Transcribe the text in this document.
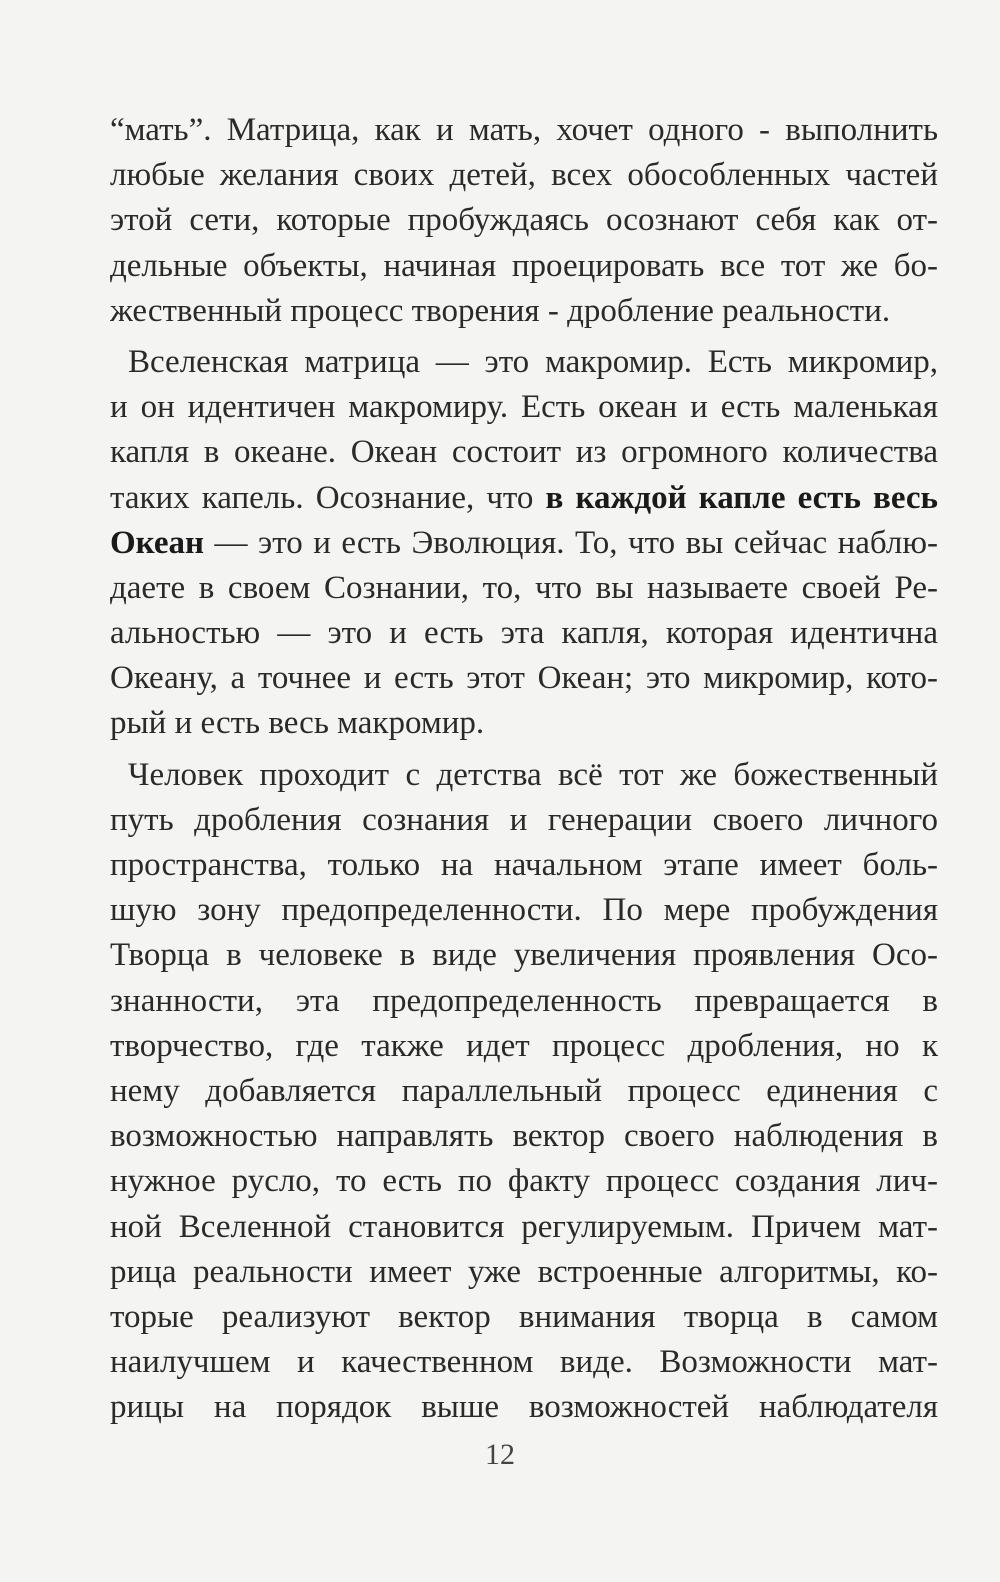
“мать”. Матрица, как и мать, хочет одного - выполнить
любые желания своих детей, всех обособленных частей
этой сети, которые пробуждаясь осознают себя как от-
дельные объекты, начиная проецировать все тот же бо-
жественный процесс творения - дробление реальности.
Вселенская матрица — это макромир. Есть микромир,
и он идентичен макромиру. Есть океан и есть маленькая
капля в океане. Океан состоит из огромного количества
таких капель. Осознание, что в каждой капле есть весь
Океан — это и есть Эволюция. То, что вы сейчас наблю-
даете в своем Сознании, то, что вы называете своей Ре-
альностью — это и есть эта капля, которая идентична
Океану, а точнее и есть этот Океан; это микромир, кото-
рый и есть весь макромир.
Человек проходит с детства всё тот же божественный
путь дробления сознания и генерации своего личного
пространства, только на начальном этапе имеет боль-
шую зону предопределенности. По мере пробуждения
Творца в человеке в виде увеличения проявления Осо-
знанности, эта предопределенность превращается в
творчество, где также идет процесс дробления, но к
нему добавляется параллельный процесс единения с
возможностью направлять вектор своего наблюдения в
нужное русло, то есть по факту процесс создания лич-
ной Вселенной становится регулируемым. Причем мат-
рица реальности имеет уже встроенные алгоритмы, ко-
торые реализуют вектор внимания творца в самом
наилучшем и качественном виде. Возможности мат-
рицы на порядок выше возможностей наблюдателя
12
